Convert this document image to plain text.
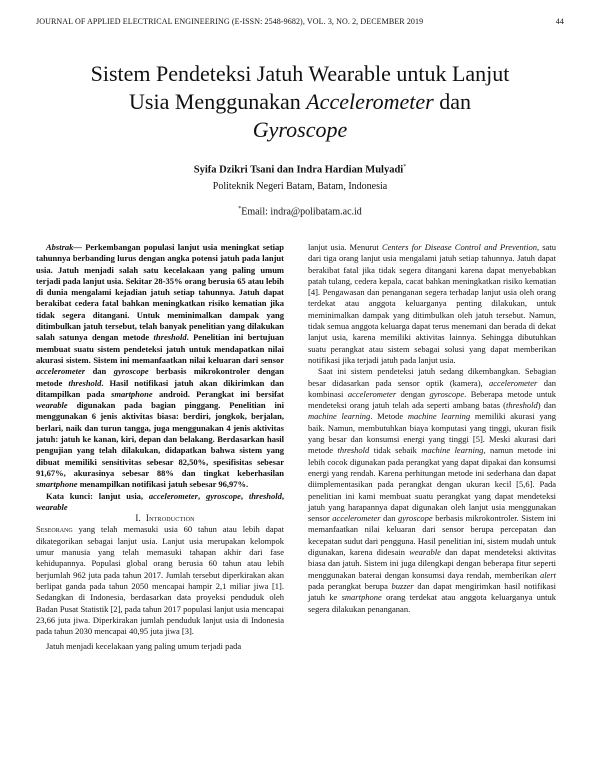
JOURNAL OF APPLIED ELECTRICAL ENGINEERING (E-ISSN: 2548-9682), VOL. 3, NO. 2, DECEMBER 2019	44
Sistem Pendeteksi Jatuh Wearable untuk Lanjut
Usia Menggunakan Accelerometer dan
Gyroscope
Syifa Dzikri Tsani dan Indra Hardian Mulyadi*
Politeknik Negeri Batam, Batam, Indonesia
*Email: indra@polibatam.ac.id

Abstrak— Perkembangan populasi lanjut usia meningkat setiap tahunnya berbanding lurus dengan angka potensi jatuh pada lanjut usia. Jatuh menjadi salah satu kecelakaan yang paling umum terjadi pada lanjut usia. Sekitar 28-35% orang berusia 65 atau lebih di dunia mengalami kejadian jatuh setiap tahunnya. Jatuh dapat berakibat cedera fatal bahkan meningkatkan risiko kematian jika tidak segera ditangani. Untuk meminimalkan dampak yang ditimbulkan jatuh tersebut, telah banyak penelitian yang dilakukan salah satunya dengan metode threshold. Penelitian ini bertujuan membuat suatu sistem pendeteksi jatuh untuk mendapatkan nilai akurasi sistem. Sistem ini memanfaatkan nilai keluaran dari sensor accelerometer dan gyroscope berbasis mikrokontroler dengan metode threshold. Hasil notifikasi jatuh akan dikirimkan dan ditampilkan pada smartphone android. Perangkat ini bersifat wearable digunakan pada bagian pinggang. Penelitian ini menggunakan 6 jenis aktivitas biasa: berdiri, jongkok, berjalan, berlari, naik dan turun tangga, juga menggunakan 4 jenis aktivitas jatuh: jatuh ke kanan, kiri, depan dan belakang. Berdasarkan hasil pengujian yang telah dilakukan, didapatkan bahwa sistem yang dibuat memiliki sensitivitas sebesar 82,50%, spesifisitas sebesar 91,67%, akurasinya sebesar 88% dan tingkat keberhasilan smartphone menampilkan notifikasi jatuh sebesar 96,97%.

Kata kunci: lanjut usia, accelerometer, gyroscope, threshold, wearable

I. Introduction

Seseorang yang telah memasuki usia 60 tahun atau lebih dapat dikategorikan sebagai lanjut usia. Lanjut usia merupakan kelompok umur manusia yang telah memasuki tahapan akhir dari fase kehidupannya. Populasi global orang berusia 60 tahun atau lebih berjumlah 962 juta pada tahun 2017. Jumlah tersebut diperkirakan akan berlipat ganda pada tahun 2050 mencapai hampir 2,1 miliar jiwa [1]. Sedangkan di Indonesia, berdasarkan data proyeksi penduduk oleh Badan Pusat Statistik [2], pada tahun 2017 populasi lanjut usia mencapai 23,66 juta jiwa. Diperkirakan jumlah penduduk lanjut usia di Indonesia pada tahun 2030 mencapai 40,95 juta jiwa [3].

Jatuh menjadi kecelakaan yang paling umum terjadi pada

lanjut usia. Menurut Centers for Disease Control and Prevention, satu dari tiga orang lanjut usia mengalami jatuh setiap tahunnya. Jatuh dapat berakibat fatal jika tidak segera ditangani karena dapat menyebabkan patah tulang, cedera kepala, cacat bahkan meningkatkan risiko kematian [4]. Pengawasan dan penanganan segera terhadap lanjut usia oleh orang terdekat atau anggota keluarganya penting dilakukan, untuk meminimalkan dampak yang ditimbulkan oleh jatuh tersebut. Namun, tidak semua anggota keluarga dapat terus menemani dan berada di dekat lanjut usia, karena memiliki aktivitas lainnya. Sehingga dibutuhkan suatu perangkat atau sistem sebagai solusi yang dapat memberikan notifikasi jika terjadi jatuh pada lanjut usia.

Saat ini sistem pendeteksi jatuh sedang dikembangkan. Sebagian besar didasarkan pada sensor optik (kamera), accelerometer dan kombinasi accelerometer dengan gyroscope. Beberapa metode untuk mendeteksi orang jatuh telah ada seperti ambang batas (threshold) dan machine learning. Metode machine learning memiliki akurasi yang baik. Namun, membutuhkan biaya komputasi yang tinggi, ukuran fisik yang besar dan konsumsi energi yang tinggi [5]. Meski akurasi dari metode threshold tidak sebaik machine learning, namun metode ini lebih cocok digunakan pada perangkat yang dapat dipakai dan konsumsi energi yang rendah. Karena perhitungan metode ini sederhana dan dapat diimplementasikan pada perangkat dengan ukuran kecil [5,6]. Pada penelitian ini kami membuat suatu perangkat yang dapat mendeteksi jatuh yang harapannya dapat digunakan oleh lanjut usia menggunakan sensor accelerometer dan gyroscope berbasis mikrokontroler. Sistem ini memanfaatkan nilai keluaran dari sensor berupa percepatan dan kecepatan sudut dari pengguna. Hasil penelitian ini, sistem mudah untuk digunakan, karena didesain wearable dan dapat mendeteksi aktivitas biasa dan jatuh. Sistem ini juga dilengkapi dengan beberapa fitur seperti menggunakan baterai dengan konsumsi daya rendah, memberikan alert pada perangkat berupa buzzer dan dapat mengirimkan hasil notifikasi jatuh ke smartphone orang terdekat atau anggota keluarganya untuk segera dilakukan penanganan.
